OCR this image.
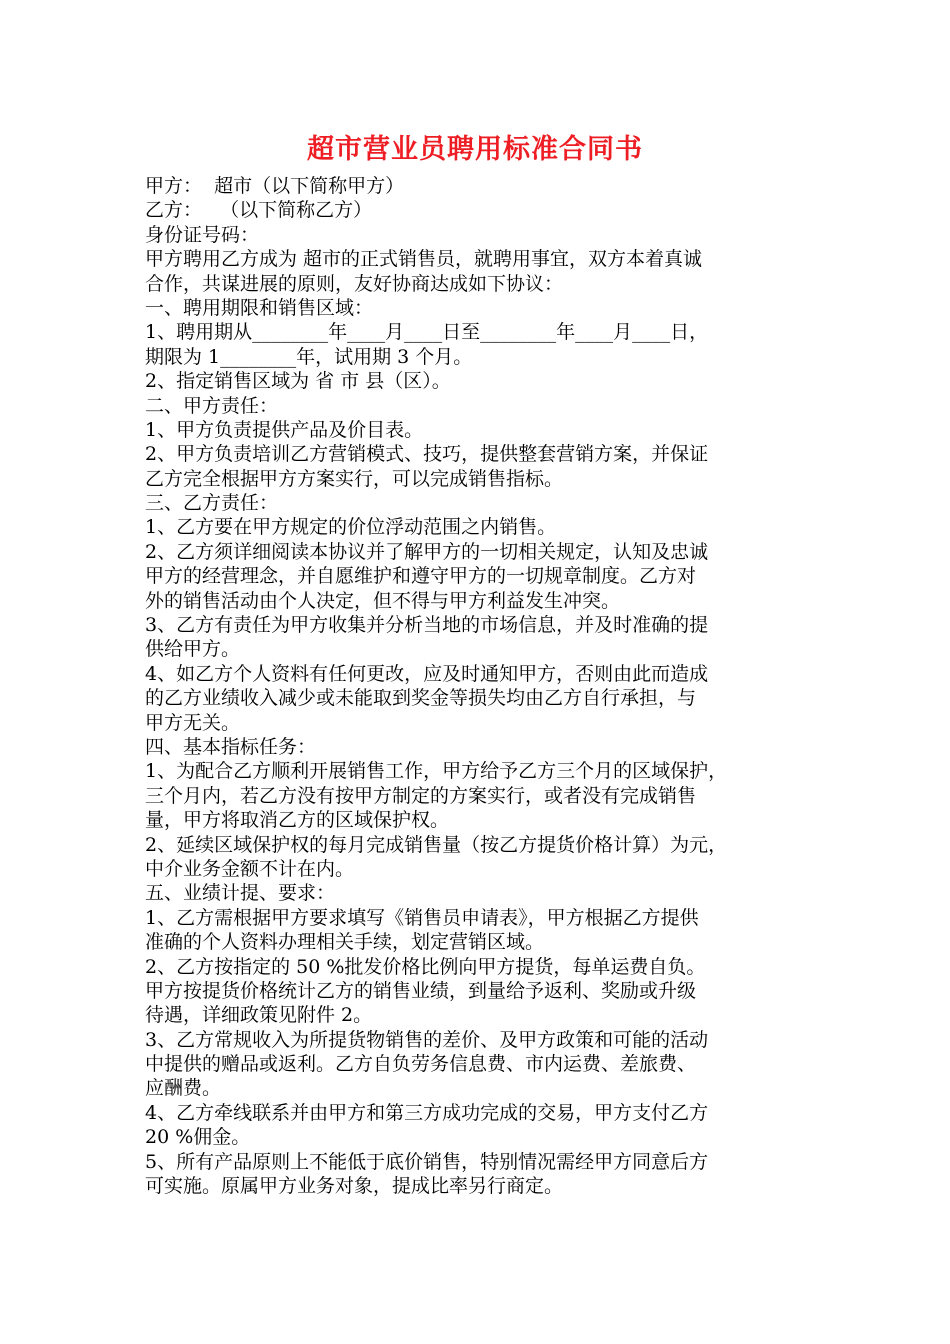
超市营业员聘用标准合同书
甲方：  超市（以下简称甲方）
乙方：   （以下简称乙方）
身份证号码：
甲方聘用乙方成为 超市的正式销售员，就聘用事宜，双方本着真诚
合作，共谋进展的原则，友好协商达成如下协议：
一、聘用期限和销售区域：
1、聘用期从________年____月____日至________年____月____日，
期限为 1________年，试用期 3 个月。
2、指定销售区域为 省 市 县（区）。
二、甲方责任：
1、甲方负责提供产品及价目表。
2、甲方负责培训乙方营销模式、技巧，提供整套营销方案，并保证
乙方完全根据甲方方案实行，可以完成销售指标。
三、乙方责任：
1、乙方要在甲方规定的价位浮动范围之内销售。
2、乙方须详细阅读本协议并了解甲方的一切相关规定，认知及忠诚
甲方的经营理念，并自愿维护和遵守甲方的一切规章制度。乙方对
外的销售活动由个人决定，但不得与甲方利益发生冲突。
3、乙方有责任为甲方收集并分析当地的市场信息，并及时准确的提
供给甲方。
4、如乙方个人资料有任何更改，应及时通知甲方，否则由此而造成
的乙方业绩收入减少或未能取到奖金等损失均由乙方自行承担，与
甲方无关。
四、基本指标任务：
1、为配合乙方顺利开展销售工作，甲方给予乙方三个月的区域保护，
三个月内，若乙方没有按甲方制定的方案实行，或者没有完成销售
量，甲方将取消乙方的区域保护权。
2、延续区域保护权的每月完成销售量（按乙方提货价格计算）为元，
中介业务金额不计在内。
五、业绩计提、要求：
1、乙方需根据甲方要求填写《销售员申请表》，甲方根据乙方提供
准确的个人资料办理相关手续，划定营销区域。
2、乙方按指定的 50 %批发价格比例向甲方提货，每单运费自负。
甲方按提货价格统计乙方的销售业绩，到量给予返利、奖励或升级
待遇，详细政策见附件 2。
3、乙方常规收入为所提货物销售的差价、及甲方政策和可能的活动
中提供的赠品或返利。乙方自负劳务信息费、市内运费、差旅费、
应酬费。
4、乙方牵线联系并由甲方和第三方成功完成的交易，甲方支付乙方
20 %佣金。
5、所有产品原则上不能低于底价销售，特别情况需经甲方同意后方
可实施。原属甲方业务对象，提成比率另行商定。
